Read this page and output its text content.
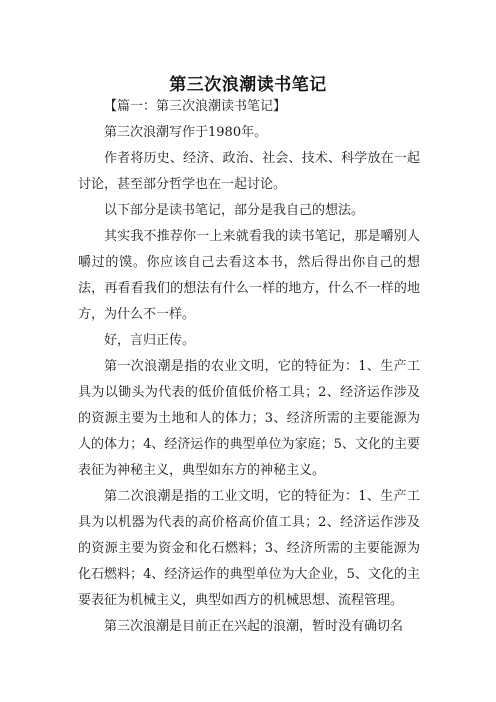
第三次浪潮读书笔记

【篇一：第三次浪潮读书笔记】

第三次浪潮写作于1980年。

作者将历史、经济、政治、社会、技术、科学放在一起讨论，甚至部分哲学也在一起讨论。

以下部分是读书笔记，部分是我自己的想法。

其实我不推荐你一上来就看我的读书笔记，那是嚼别人嚼过的馍。你应该自己去看这本书，然后得出你自己的想法，再看看我们的想法有什么一样的地方，什么不一样的地方，为什么不一样。

好，言归正传。

第一次浪潮是指的农业文明，它的特征为：1、生产工具为以锄头为代表的低价值低价格工具；2、经济运作涉及的资源主要为土地和人的体力；3、经济所需的主要能源为人的体力；4、经济运作的典型单位为家庭；5、文化的主要表征为神秘主义，典型如东方的神秘主义。

第二次浪潮是指的工业文明，它的特征为：1、生产工具为以机器为代表的高价格高价值工具；2、经济运作涉及的资源主要为资金和化石燃料；3、经济所需的主要能源为化石燃料；4、经济运作的典型单位为大企业，5、文化的主要表征为机械主义，典型如西方的机械思想、流程管理。

第三次浪潮是目前正在兴起的浪潮，暂时没有确切名
